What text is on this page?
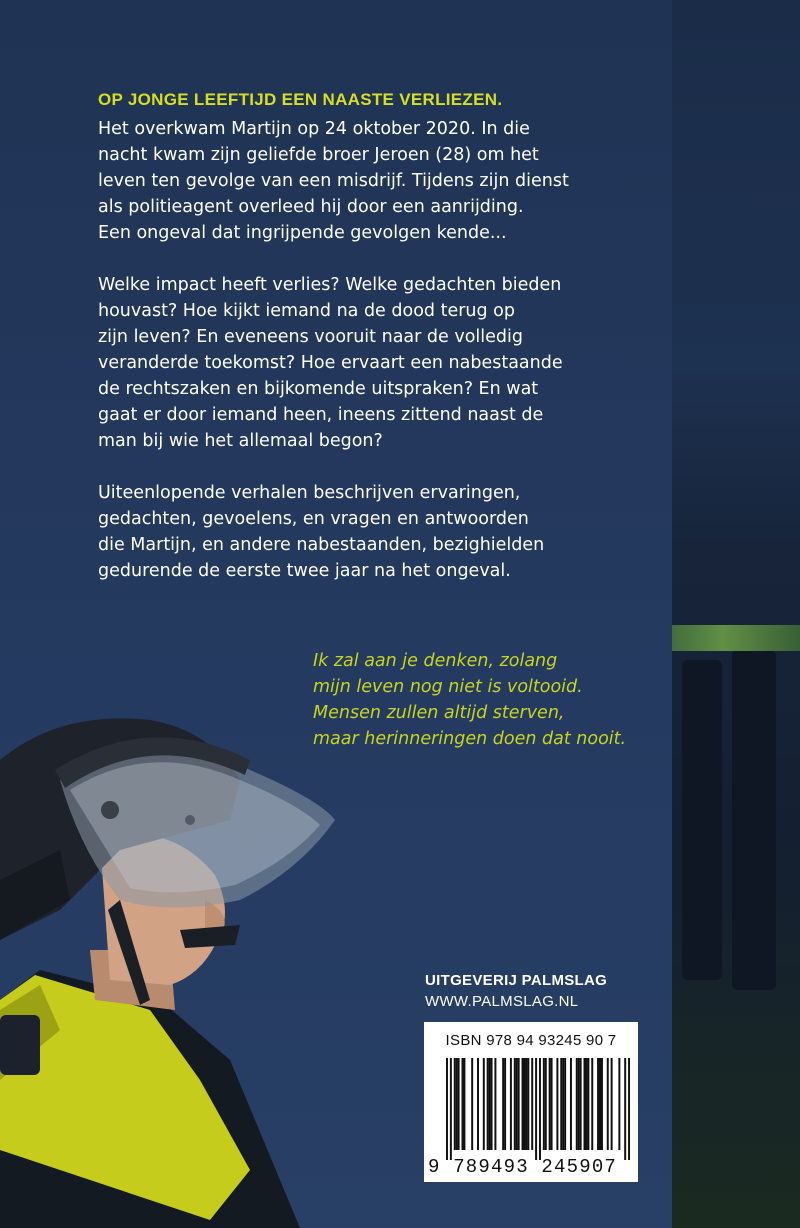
OP JONGE LEEFTIJD EEN NAASTE VERLIEZEN.
Het overkwam Martijn op 24 oktober 2020. In die
nacht kwam zijn geliefde broer Jeroen (28) om het
leven ten gevolge van een misdrijf. Tijdens zijn dienst
als politieagent overleed hij door een aanrijding.
Een ongeval dat ingrijpende gevolgen kende...
Welke impact heeft verlies? Welke gedachten bieden
houvast? Hoe kijkt iemand na de dood terug op
zijn leven? En eveneens vooruit naar de volledig
veranderde toekomst? Hoe ervaart een nabestaande
de rechtszaken en bijkomende uitspraken? En wat
gaat er door iemand heen, ineens zittend naast de
man bij wie het allemaal begon?
Uiteenlopende verhalen beschrijven ervaringen,
gedachten, gevoelens, en vragen en antwoorden
die Martijn, en andere nabestaanden, bezighielden
gedurende de eerste twee jaar na het ongeval.
Ik zal aan je denken, zolang
mijn leven nog niet is voltooid.
Mensen zullen altijd sterven,
maar herinneringen doen dat nooit.
UITGEVERIJ PALMSLAG
WWW.PALMSLAG.NL
ISBN 978 94 93245 90 7
9 789493 245907
